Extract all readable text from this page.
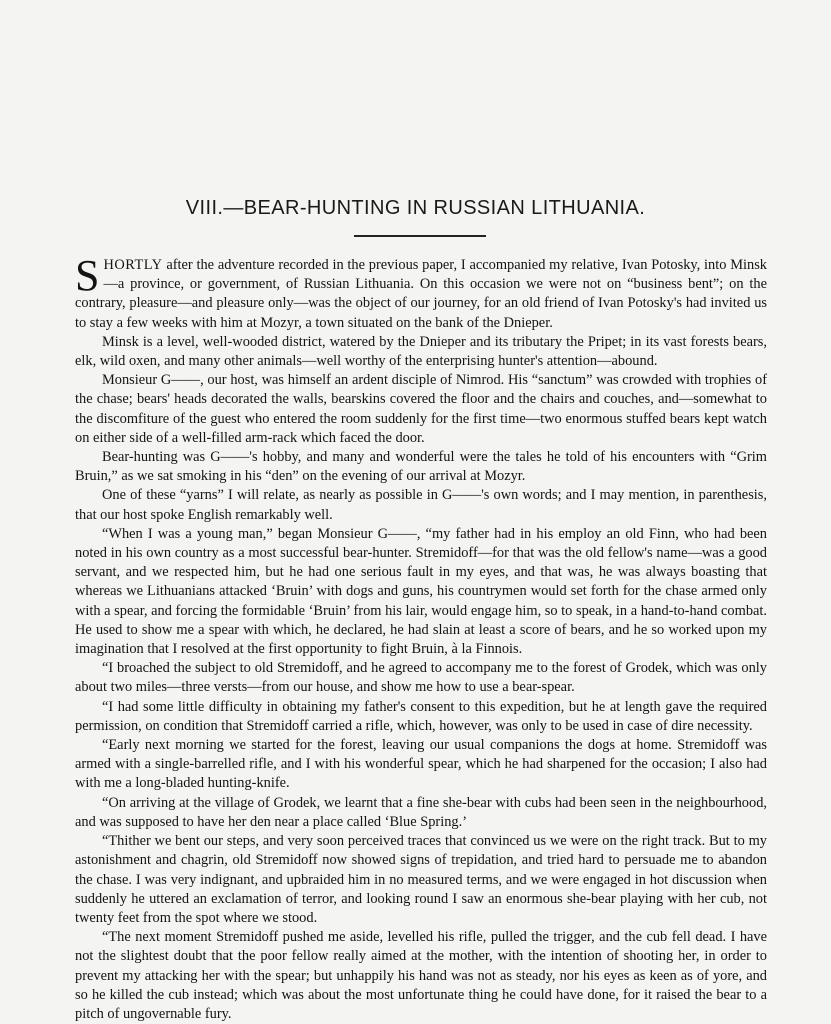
VIII.—BEAR-HUNTING IN RUSSIAN LITHUANIA.

SHORTLY after the adventure recorded in the previous paper, I accompanied my relative, Ivan Potosky, into Minsk—a province, or government, of Russian Lithuania. On this occasion we were not on “business bent”; on the contrary, pleasure—and pleasure only—was the object of our journey, for an old friend of Ivan Potosky's had invited us to stay a few weeks with him at Mozyr, a town situated on the bank of the Dnieper.

Minsk is a level, well-wooded district, watered by the Dnieper and its tributary the Pripet; in its vast forests bears, elk, wild oxen, and many other animals—well worthy of the enterprising hunter's attention—abound.

Monsieur G——, our host, was himself an ardent disciple of Nimrod. His “sanctum” was crowded with trophies of the chase; bears' heads decorated the walls, bearskins covered the floor and the chairs and couches, and—somewhat to the discomfiture of the guest who entered the room suddenly for the first time—two enormous stuffed bears kept watch on either side of a well-filled arm-rack which faced the door.

Bear-hunting was G——'s hobby, and many and wonderful were the tales he told of his encounters with “Grim Bruin,” as we sat smoking in his “den” on the evening of our arrival at Mozyr.

One of these “yarns” I will relate, as nearly as possible in G——'s own words; and I may mention, in parenthesis, that our host spoke English remarkably well.

“When I was a young man,” began Monsieur G——, “my father had in his employ an old Finn, who had been noted in his own country as a most successful bear-hunter. Stremidoff—for that was the old fellow's name—was a good servant, and we respected him, but he had one serious fault in my eyes, and that was, he was always boasting that whereas we Lithuanians attacked ‘Bruin’ with dogs and guns, his countrymen would set forth for the chase armed only with a spear, and forcing the formidable ‘Bruin’ from his lair, would engage him, so to speak, in a hand-to-hand combat. He used to show me a spear with which, he declared, he had slain at least a score of bears, and he so worked upon my imagination that I resolved at the first opportunity to fight Bruin, à la Finnois.

“I broached the subject to old Stremidoff, and he agreed to accompany me to the forest of Grodek, which was only about two miles—three versts—from our house, and show me how to use a bear-spear.

“I had some little difficulty in obtaining my father's consent to this expedition, but he at length gave the required permission, on condition that Stremidoff carried a rifle, which, however, was only to be used in case of dire necessity.

“Early next morning we started for the forest, leaving our usual companions the dogs at home. Stremidoff was armed with a single-barrelled rifle, and I with his wonderful spear, which he had sharpened for the occasion; I also had with me a long-bladed hunting-knife.

“On arriving at the village of Grodek, we learnt that a fine she-bear with cubs had been seen in the neighbourhood, and was supposed to have her den near a place called ‘Blue Spring.’

“Thither we bent our steps, and very soon perceived traces that convinced us we were on the right track. But to my astonishment and chagrin, old Stremidoff now showed signs of trepidation, and tried hard to persuade me to abandon the chase. I was very indignant, and upbraided him in no measured terms, and we were engaged in hot discussion when suddenly he uttered an exclamation of terror, and looking round I saw an enormous she-bear playing with her cub, not twenty feet from the spot where we stood.

“The next moment Stremidoff pushed me aside, levelled his rifle, pulled the trigger, and the cub fell dead. I have not the slightest doubt that the poor fellow really aimed at the mother, with the intention of shooting her, in order to prevent my attacking her with the spear; but unhappily his hand was not as steady, nor his eyes as keen as of yore, and so he killed the cub instead; which was about the most unfortunate thing he could have done, for it raised the bear to a pitch of ungovernable fury.
